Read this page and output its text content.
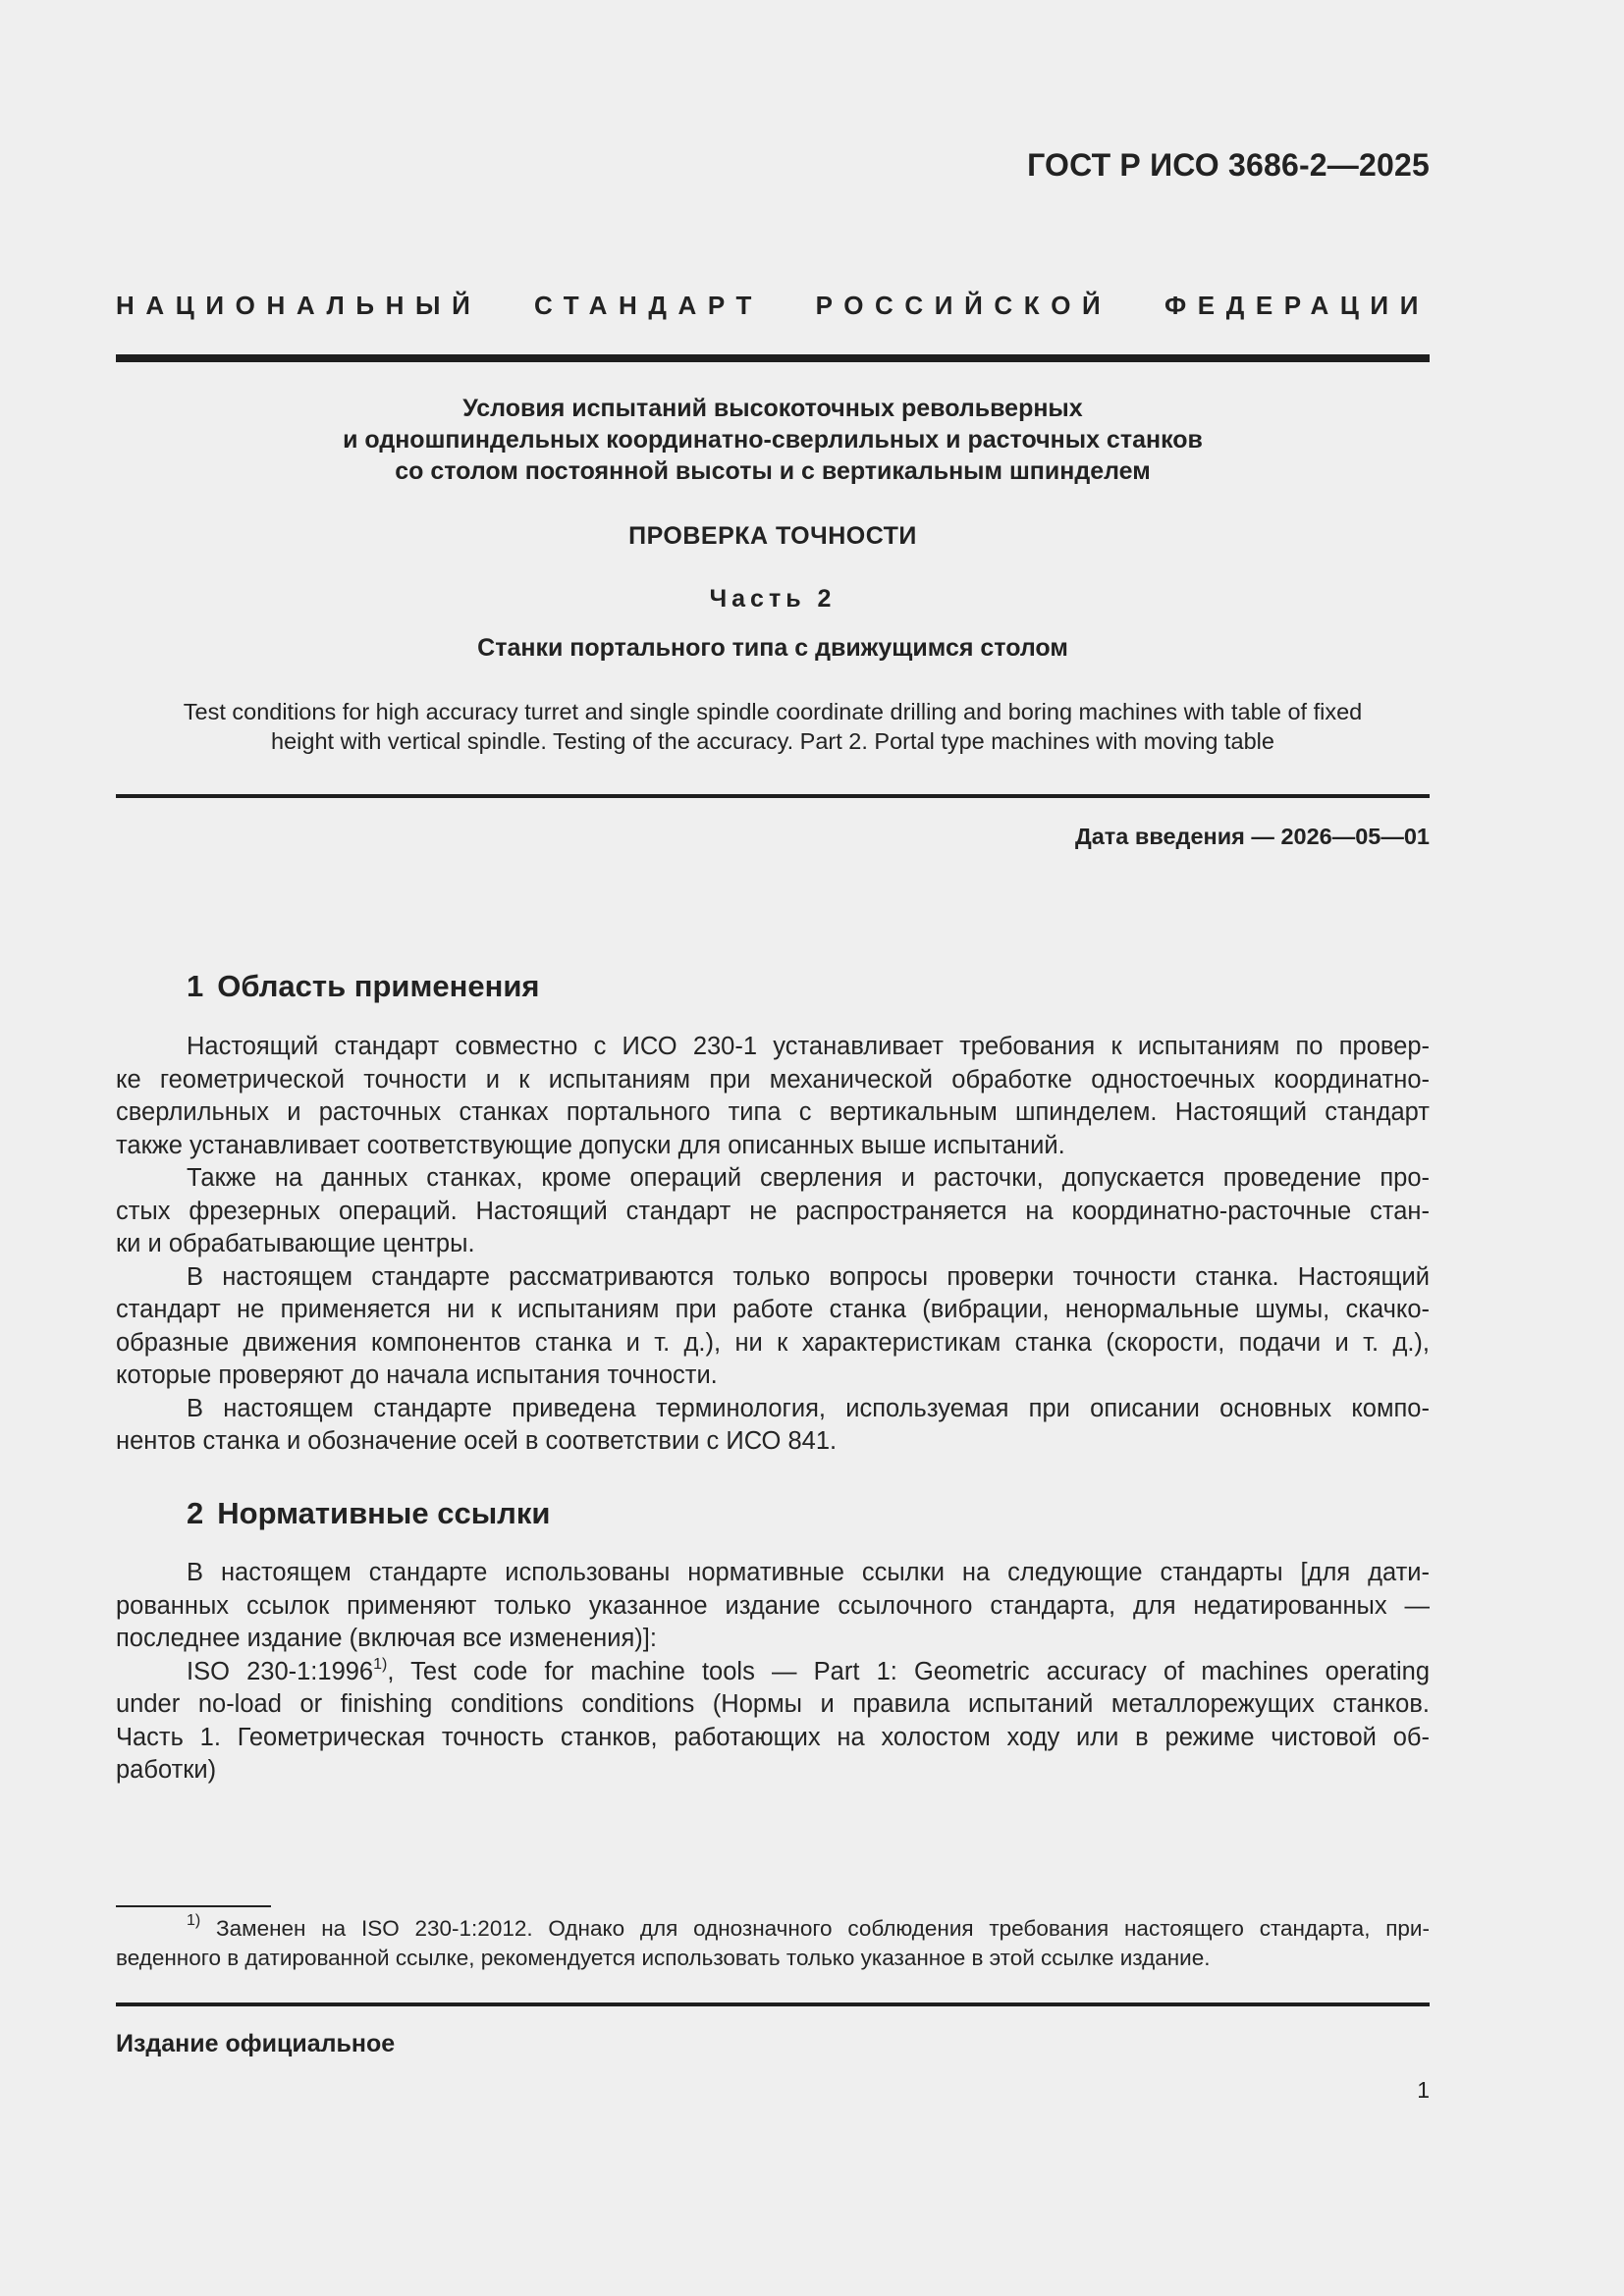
ГОСТ Р ИСО 3686-2—2025
НАЦИОНАЛЬНЫЙ СТАНДАРТ РОССИЙСКОЙ ФЕДЕРАЦИИ
Условия испытаний высокоточных револьверных
и одношпиндельных координатно-сверлильных и расточных станков
со столом постоянной высоты и с вертикальным шпинделем
ПРОВЕРКА ТОЧНОСТИ
Часть 2
Станки портального типа с движущимся столом
Test conditions for high accuracy turret and single spindle coordinate drilling and boring machines with table of fixed
height with vertical spindle. Testing of the accuracy. Part 2. Portal type machines with moving table
Дата введения — 2026—05—01
1 Область применения
Настоящий стандарт совместно с ИСО 230-1 устанавливает требования к испытаниям по провер-
ке геометрической точности и к испытаниям при механической обработке одностоечных координатно-
сверлильных и расточных станках портального типа с вертикальным шпинделем. Настоящий стандарт
также устанавливает соответствующие допуски для описанных выше испытаний.
Также на данных станках, кроме операций сверления и расточки, допускается проведение про-
стых фрезерных операций. Настоящий стандарт не распространяется на координатно-расточные стан-
ки и обрабатывающие центры.
В настоящем стандарте рассматриваются только вопросы проверки точности станка. Настоящий
стандарт не применяется ни к испытаниям при работе станка (вибрации, ненормальные шумы, скачко-
образные движения компонентов станка и т. д.), ни к характеристикам станка (скорости, подачи и т. д.),
которые проверяют до начала испытания точности.
В настоящем стандарте приведена терминология, используемая при описании основных компо-
нентов станка и обозначение осей в соответствии с ИСО 841.
2 Нормативные ссылки
В настоящем стандарте использованы нормативные ссылки на следующие стандарты [для дати-
рованных ссылок применяют только указанное издание ссылочного стандарта, для недатированных —
последнее издание (включая все изменения)]:
ISO 230-1:1996$^{1)}$, Test code for machine tools — Part 1: Geometric accuracy of machines operating
under no-load or finishing conditions conditions (Нормы и правила испытаний металлорежущих станков.
Часть 1. Геометрическая точность станков, работающих на холостом ходу или в режиме чистовой об-
работки)
$^{1)}$ Заменен на ISO 230-1:2012. Однако для однозначного соблюдения требования настоящего стандарта, при-
веденного в датированной ссылке, рекомендуется использовать только указанное в этой ссылке издание.
Издание официальное
1
